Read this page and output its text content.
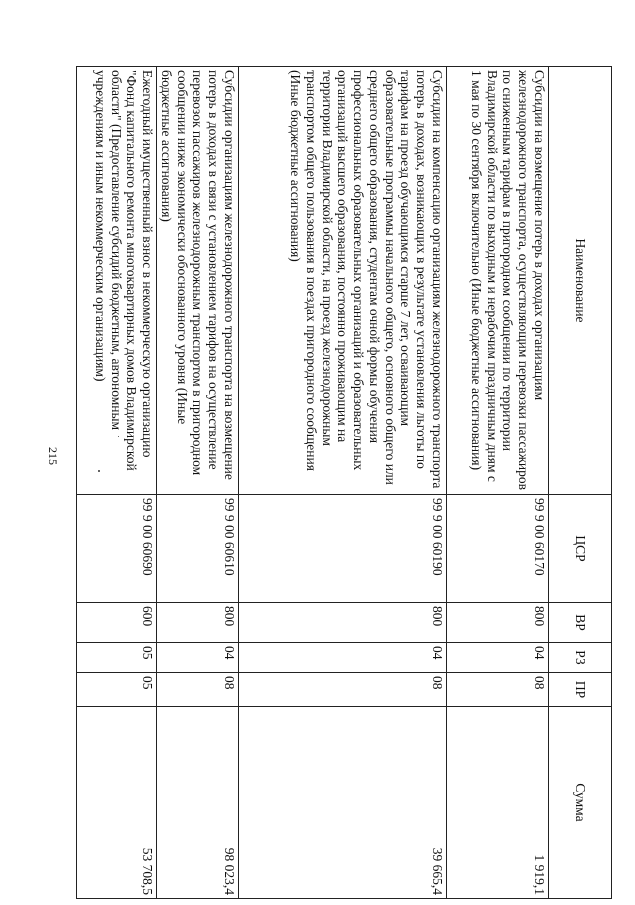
215
Наименование	ЦСР	ВР	РЗ	ПР	Сумма
Субсидии на возмещение потерь в доходах организациям железнодорожного транспорта, осуществляющим перевозки пассажиров по сниженным тарифам в пригородном сообщении по территории Владимирской области по выходным и нерабочим праздничным дням с 1 мая по 30 сентября включительно (Иные бюджетные ассигнования)	99 9 00 60170	800	04	08	1 919,1
Субсидии на компенсацию организациям железнодорожного транспорта потерь в доходах, возникающих в результате установления льготы по тарифам на проезд обучающимся старше 7 лет, осваивающим образовательные программы начального общего, основного общего или среднего общего образования, студентам очной формы обучения профессиональных образовательных организаций и образовательных организаций высшего образования, постоянно проживающим на территории Владимирской области, на проезд железнодорожным транспортом общего пользования в поездах пригородного сообщения (Иные бюджетные ассигнования)	99 9 00 60190	800	04	08	39 665,4
Субсидии организациям железнодорожного транспорта на возмещение потерь в доходах в связи с установлением тарифов на осуществление перевозок пассажиров железнодорожным транспортом в пригородном сообщении ниже экономически обоснованного уровня (Иные бюджетные ассигнования)	99 9 00 60610	800	04	08	98 023,4
Ежегодный имущественный взнос в некоммерческую организацию "Фонд капитального ремонта многоквартирных домов Владимирской области" (Предоставление субсидий бюджетным, автономным учреждениям и иным некоммерческим организациям)	99 9 00 60690	600	05	05	53 708,5
